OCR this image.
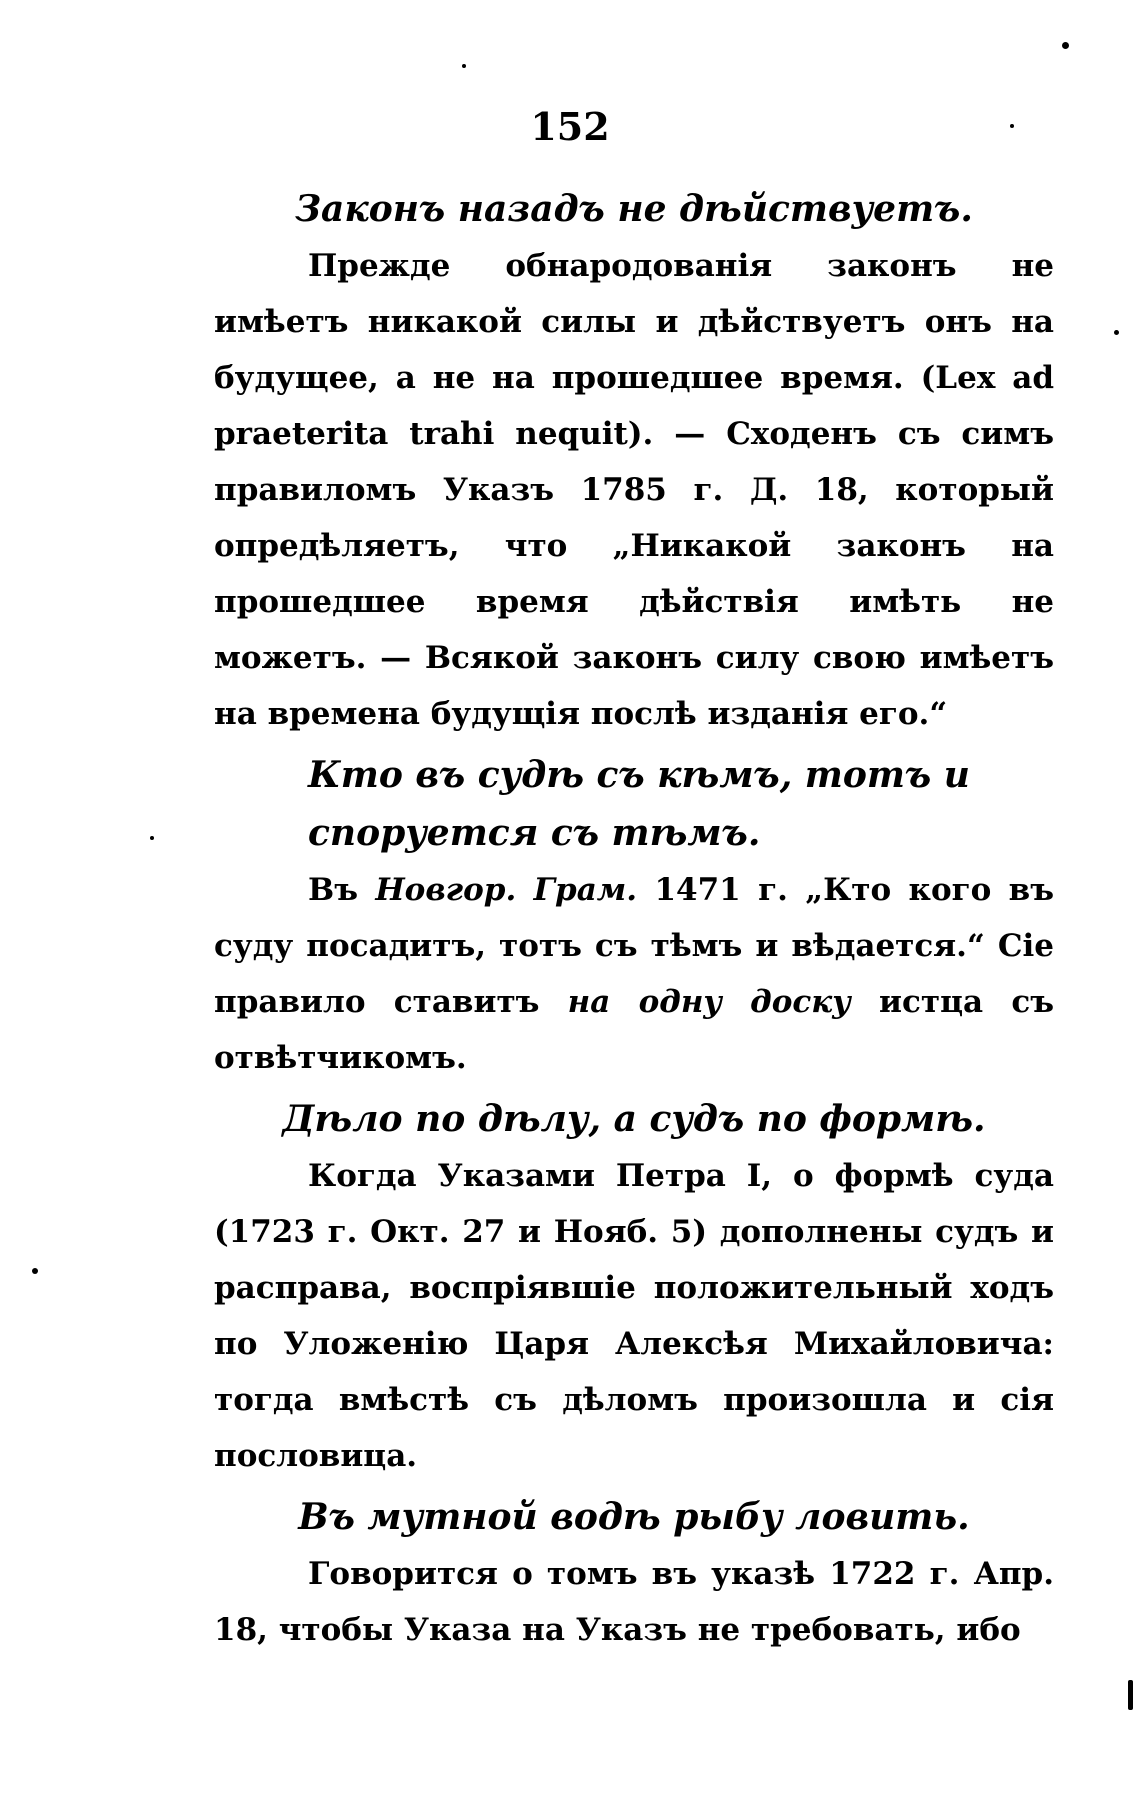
152

Законъ назадъ не дѣйствуетъ.

Прежде обнародованія законъ не имѣетъ никакой силы и дѣйствуетъ онъ на будущее, а не на прошедшее время. (Lex ad praeterita trahi nequit). — Сходенъ съ симъ правиломъ Указъ 1785 г. Д. 18, который опредѣляетъ, что „Никакой законъ на прошедшее время дѣйствія имѣть не можетъ. — Всякой законъ силу свою имѣетъ на времена будущія послѣ изданія его.“

Кто въ судѣ съ кѣмъ, тотъ и споруется съ тѣмъ.

Въ Новгор. Грам. 1471 г. „Кто кого въ суду посадитъ, тотъ съ тѣмъ и вѣдается.“ Сіе правило ставитъ на одну доску истца съ отвѣтчикомъ.

Дѣло по дѣлу, а судъ по формѣ.

Когда Указами Петра I, о формѣ суда (1723 г. Окт. 27 и Нояб. 5) дополнены судъ и расправа, воспріявшіе положительный ходъ по Уложенію Царя Алексѣя Михайловича: тогда вмѣстѣ съ дѣломъ произошла и сія пословица.

Въ мутной водѣ рыбу ловить.

Говорится о томъ въ указѣ 1722 г. Апр. 18, чтобы Указа на Указъ не требовать, ибо
